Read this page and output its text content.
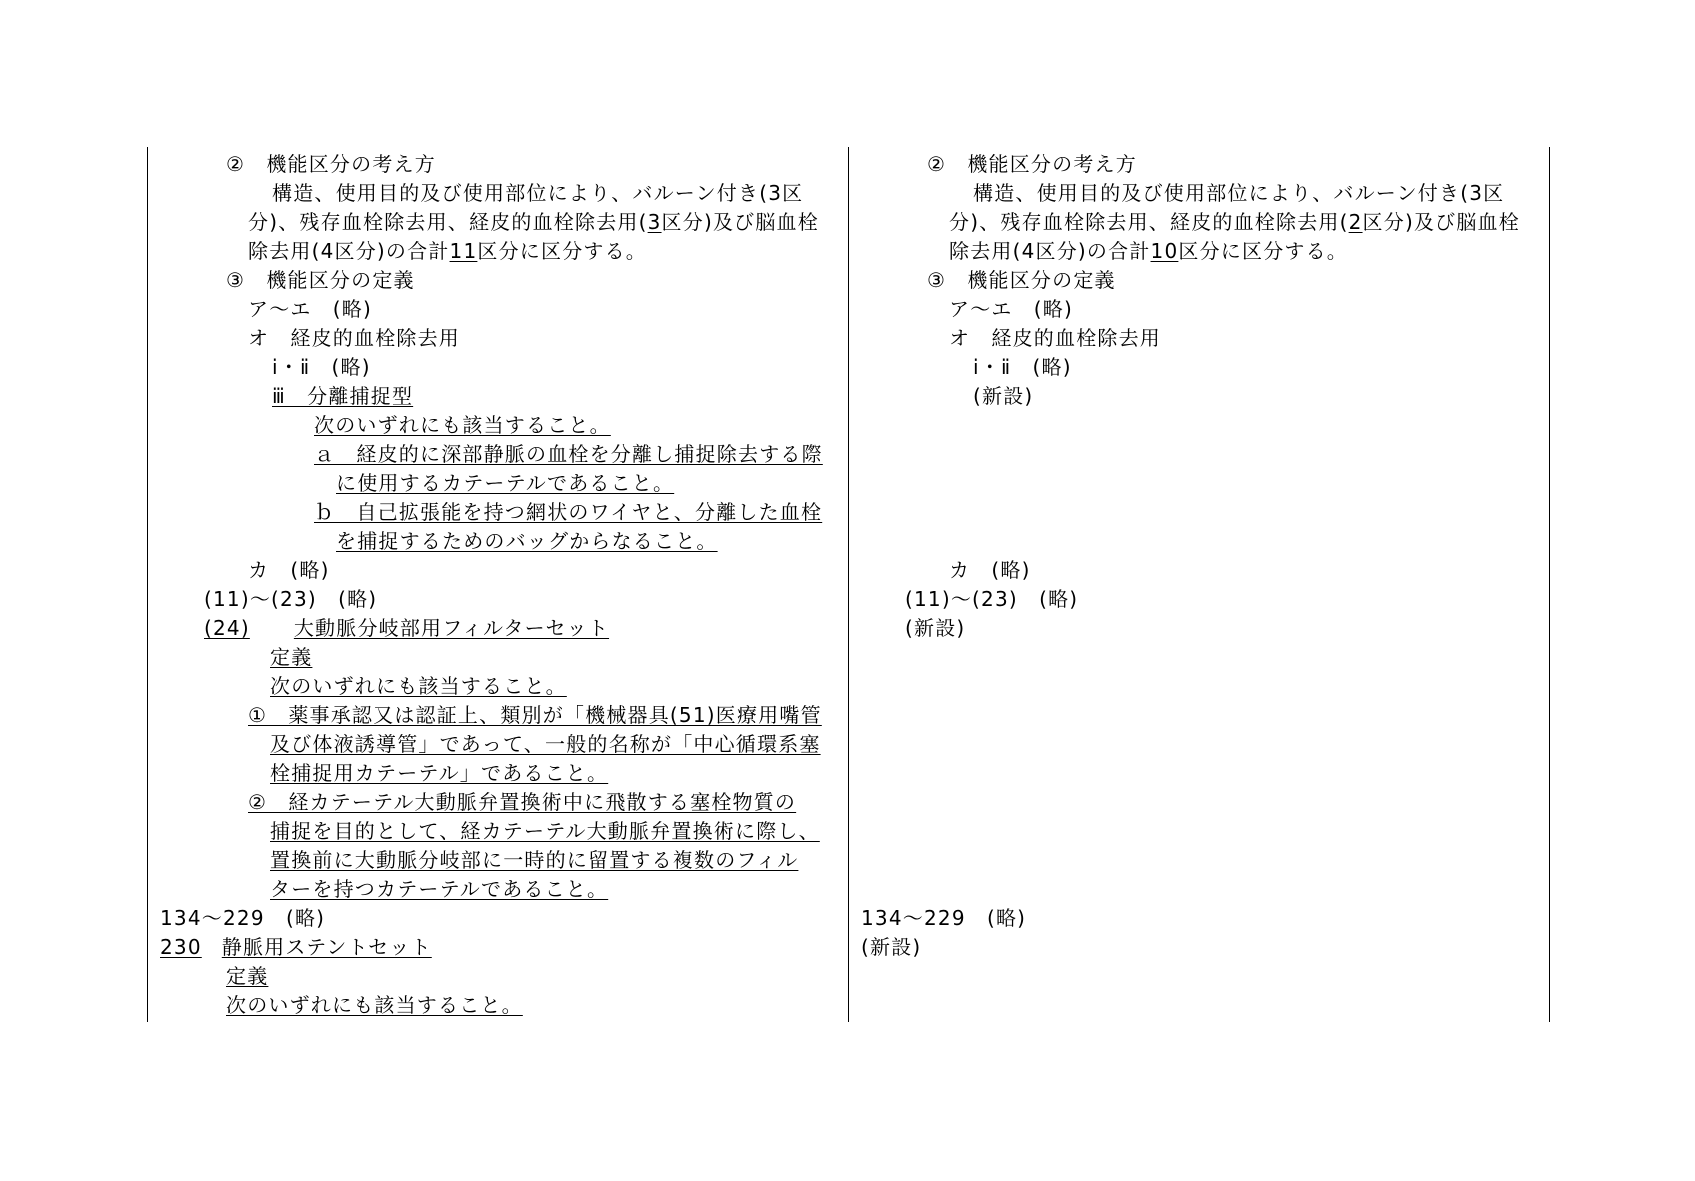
②　機能区分の考え方
構造、使用目的及び使用部位により、バルーン付き(3区
分)、残存血栓除去用、経皮的血栓除去用(3区分)及び脳血栓
除去用(4区分)の合計11区分に区分する。
③　機能区分の定義
ア～エ　(略)
オ　経皮的血栓除去用
ⅰ・ⅱ　(略)
ⅲ　分離捕捉型
次のいずれにも該当すること。
ａ　経皮的に深部静脈の血栓を分離し捕捉除去する際
に使用するカテーテルであること。
ｂ　自己拡張能を持つ網状のワイヤと、分離した血栓
を捕捉するためのバッグからなること。
カ　(略)
(11)～(23)　(略)
(24) 大動脈分岐部用フィルターセット
定義
次のいずれにも該当すること。
①　薬事承認又は認証上、類別が「機械器具(51)医療用嘴管
及び体液誘導管」であって、一般的名称が「中心循環系塞
栓捕捉用カテーテル」であること。
②　経カテーテル大動脈弁置換術中に飛散する塞栓物質の
捕捉を目的として、経カテーテル大動脈弁置換術に際し、
置換前に大動脈分岐部に一時的に留置する複数のフィル
ターを持つカテーテルであること。
134～229　(略)
230 静脈用ステントセット
定義
次のいずれにも該当すること。
②　機能区分の考え方
構造、使用目的及び使用部位により、バルーン付き(3区
分)、残存血栓除去用、経皮的血栓除去用(2区分)及び脳血栓
除去用(4区分)の合計10区分に区分する。
③　機能区分の定義
ア～エ　(略)
オ　経皮的血栓除去用
ⅰ・ⅱ　(略)
(新設)
カ　(略)
(11)～(23)　(略)
(新設)
134～229　(略)
(新設)
